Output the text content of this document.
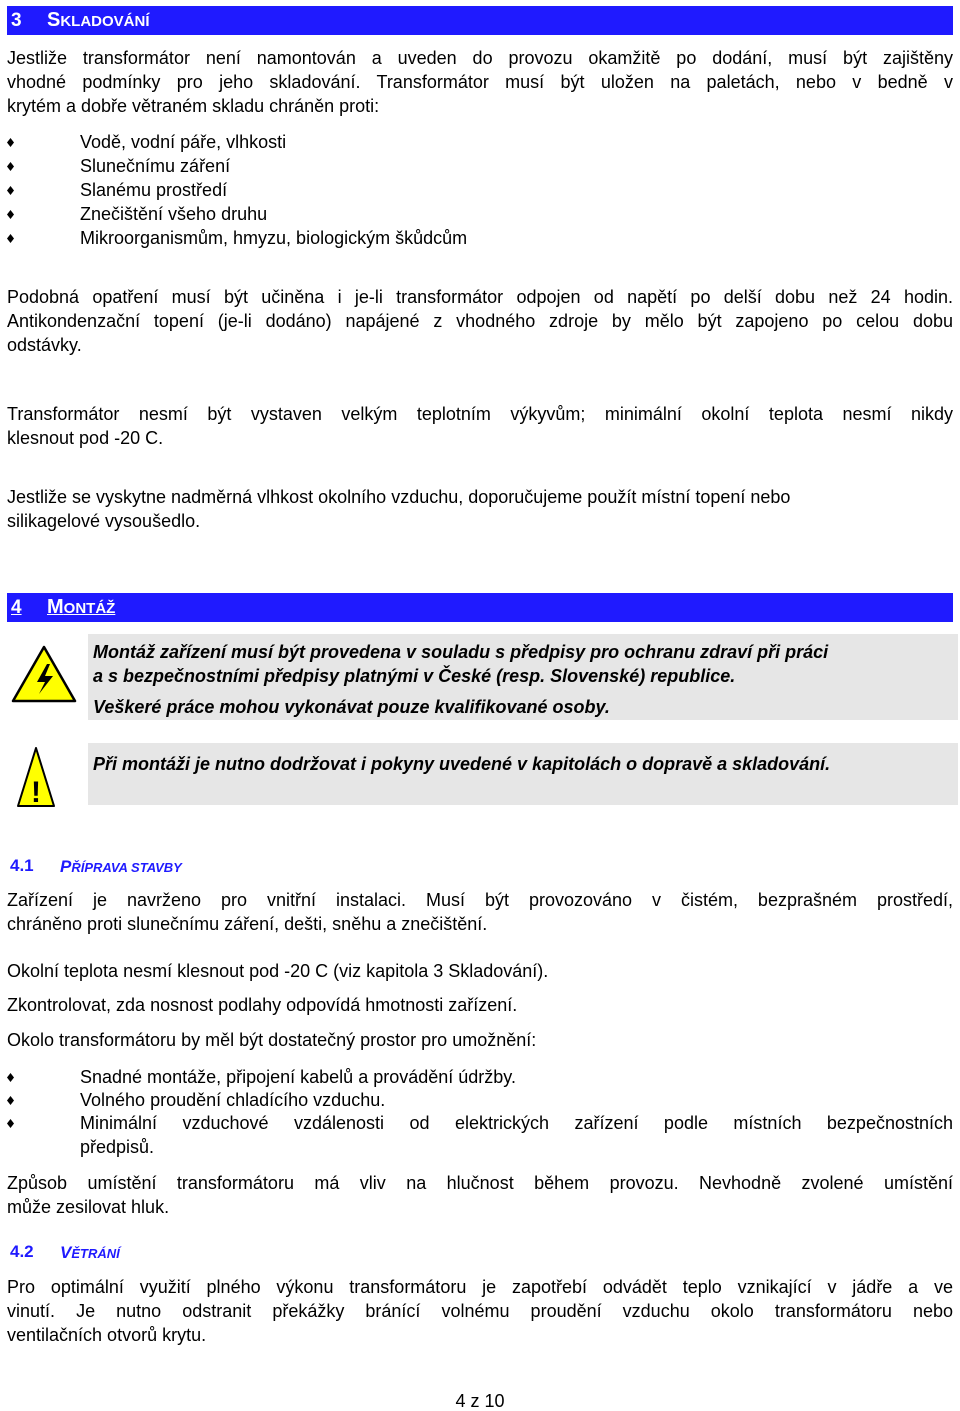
3 SKLADOVÁNÍ
Jestliže transformátor není namontován a uveden do provozu okamžitě po dodání, musí být zajištěny
vhodné podmínky pro jeho skladování. Transformátor musí být uložen na paletách, nebo v bedně v
krytém a dobře větraném skladu chráněn proti:
Vodě, vodní páře, vlhkosti
Slunečnímu záření
Slanému prostředí
Znečištění všeho druhu
Mikroorganismům, hmyzu, biologickým škůdcům
Podobná opatření musí být učiněna i je-li transformátor odpojen od napětí po delší dobu než 24 hodin.
Antikondenzační topení (je-li dodáno) napájené z vhodného zdroje by mělo být zapojeno po celou dobu
odstávky.
Transformátor nesmí být vystaven velkým teplotním výkyvům; minimální okolní teplota nesmí nikdy
klesnout pod -20 C.
Jestliže se vyskytne nadměrná vlhkost okolního vzduchu, doporučujeme použít místní topení nebo
silikagelové vysoušedlo.
4 MONTÁŽ
Montáž zařízení musí být provedena v souladu s předpisy pro ochranu zdraví při práci
a s bezpečnostními předpisy platnými v České (resp. Slovenské) republice.
Veškeré práce mohou vykonávat pouze kvalifikované osoby.
!
Při montáži je nutno dodržovat i pokyny uvedené v kapitolách o dopravě a skladování.
4.1 PŘÍPRAVA STAVBY
Zařízení je navrženo pro vnitřní instalaci. Musí být provozováno v čistém, bezprašném prostředí,
chráněno proti slunečnímu záření, dešti, sněhu a znečištění.
Okolní teplota nesmí klesnout pod -20 C (viz kapitola 3 Skladování).
Zkontrolovat, zda nosnost podlahy odpovídá hmotnosti zařízení.
Okolo transformátoru by měl být dostatečný prostor pro umožnění:
Snadné montáže, připojení kabelů a provádění údržby.
Volného proudění chladícího vzduchu.
Minimální vzduchové vzdálenosti od elektrických zařízení podle místních bezpečnostních
předpisů.
Způsob umístění transformátoru má vliv na hlučnost během provozu. Nevhodně zvolené umístění
může zesilovat hluk.
4.2 VĚTRÁNÍ
Pro optimální využití plného výkonu transformátoru je zapotřebí odvádět teplo vznikající v jádře a ve
vinutí. Je nutno odstranit překážky bránící volnému proudění vzduchu okolo transformátoru nebo
ventilačních otvorů krytu.
4 z 10
